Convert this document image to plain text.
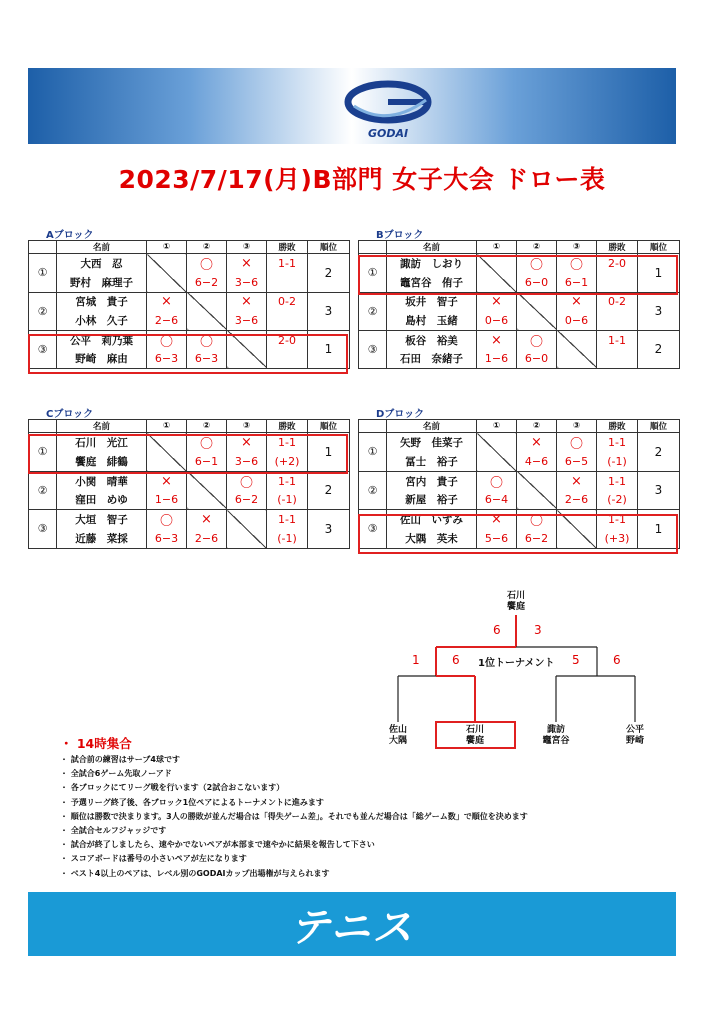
GODAI
2023/7/17(月)B部門 女子大会 ドロー表
Aブロック	Bブロック
Cブロック	Dブロック
	名前	①	②	③	勝敗	順位
①	大西　忍		〇	×	1-1	2
	野村　麻理子		6−2	3−6		
②	宮城　貴子	×		×	0-2	3
	小林　久子	2−6		3−6		
③	公平　莉乃葉	〇	〇		2-0	1
	野崎　麻由	6−3	6−3			
	名前	①	②	③	勝敗	順位
①	諏訪　しおり		〇	〇	2-0	1
	竈宮谷　侑子		6−0	6−1		
②	坂井　智子	×		×	0-2	3
	島村　玉緒	0−6		0−6		
③	板谷　裕美	×	〇		1-1	2
	石田　奈緒子	1−6	6−0			
	名前	①	②	③	勝敗	順位
①	石川　光江		〇	×	1-1	1
	饗庭　緋鶴		6−1	3−6	(+2)	
②	小関　晴華	×		〇	1-1	2
	窪田　めゆ	1−6		6−2	(-1)	
③	大垣　智子	〇	×		1-1	3
	近藤　菜採	6−3	2−6		(-1)	
	名前	①	②	③	勝敗	順位
①	矢野　佳菜子		×	〇	1-1	2
	冨士　裕子		4−6	6−5	(-1)	
②	宮内　貴子	〇		×	1-1	3
	新屋　裕子	6−4		2−6	(-2)	
③	佐山　いずみ	×	〇		1-1	1
	大隅　英未	5−6	6−2		(+3)	
石川
饗庭
6	3
1	6	5	6
1位トーナメント
佐山
大隅
石川
饗庭
諏訪
竈宮谷
公平
野崎
・ 14時集合
・ 試合前の練習はサーブ4球です
・ 全試合6ゲーム先取ノーアド
・ 各ブロックにてリーグ戦を行います（2試合おこないます）
・ 予選リーグ終了後、各ブロック1位ペアによるトーナメントに進みます
・ 順位は勝数で決まります。3人の勝敗が並んだ場合は「得失ゲーム差」。それでも並んだ場合は「総ゲーム数」で順位を決めます
・ 全試合セルフジャッジです
・ 試合が終了しましたら、速やかでないペアが本部まで速やかに結果を報告して下さい
・ スコアボードは番号の小さいペアが左になります
・ ベスト4以上のペアは、レベル別のGODAIカップ出場権が与えられます
テニス
